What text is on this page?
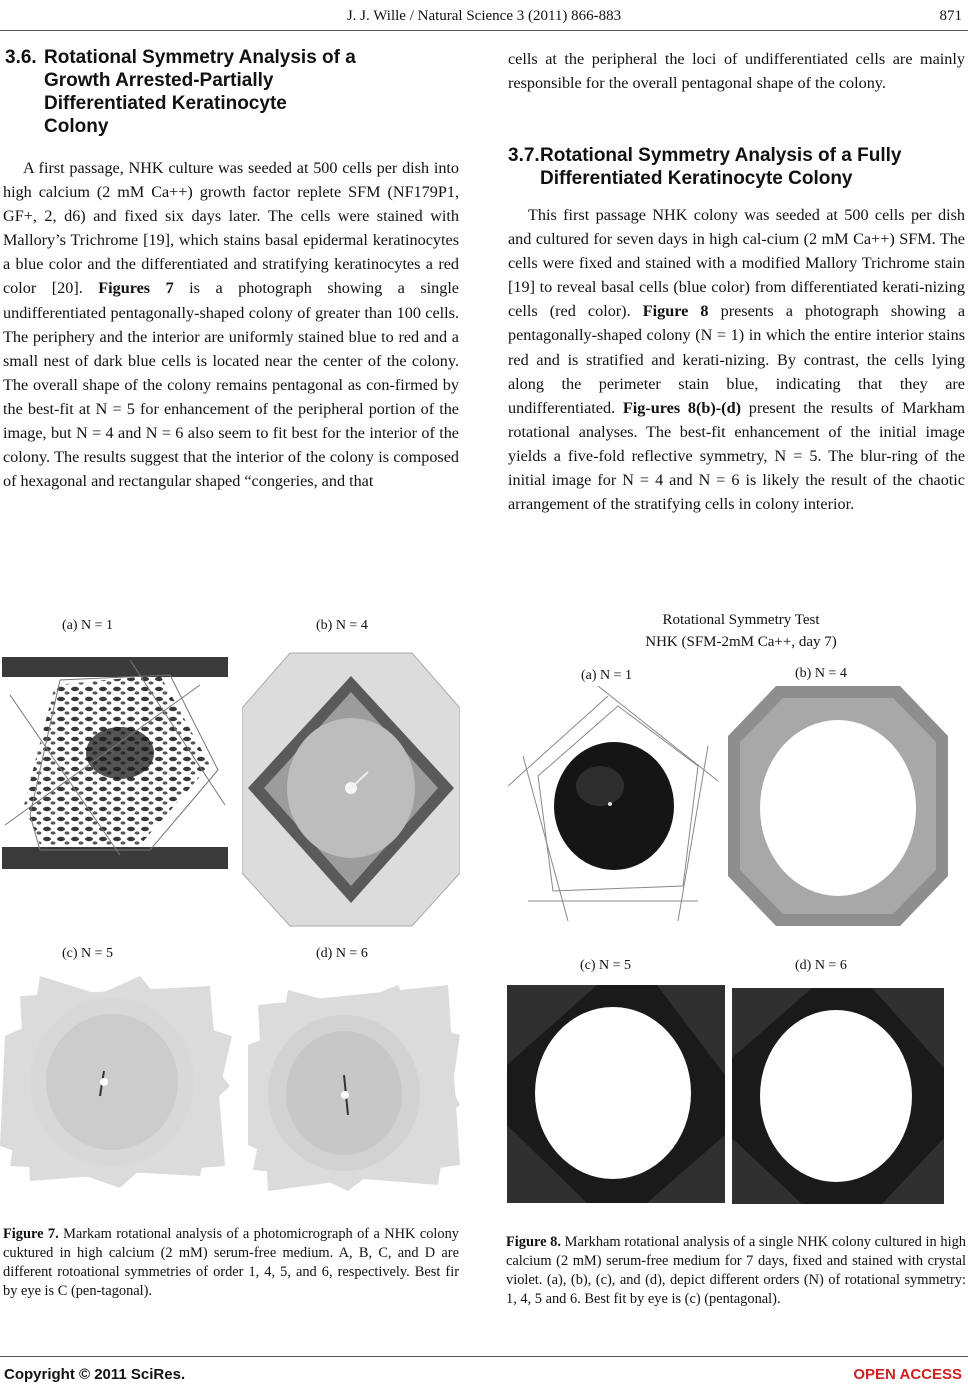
J. J. Wille / Natural Science 3 (2011) 866-883	871
3.6. Rotational Symmetry Analysis of a
Growth Arrested-Partially
Differentiated Keratinocyte
Colony

A first passage, NHK culture was seeded at 500 cells per dish into high calcium (2 mM Ca++) growth factor replete SFM (NF179P1, GF+, 2, d6) and fixed six days later. The cells were stained with Mallory’s Trichrome [19], which stains basal epidermal keratinocytes a blue color and the differentiated and stratifying keratinocytes a red color [20]. Figures 7 is a photograph showing a single undifferentiated pentagonally-shaped colony of greater than 100 cells. The periphery and the interior are uniformly stained blue to red and a small nest of dark blue cells is located near the center of the colony. The overall shape of the colony remains pentagonal as con-firmed by the best-fit at N = 5 for enhancement of the peripheral portion of the image, but N = 4 and N = 6 also seem to fit best for the interior of the colony. The results suggest that the interior of the colony is composed of hexagonal and rectangular shaped “congeries, and that

cells at the peripheral the loci of undifferentiated cells are mainly responsible for the overall pentagonal shape of the colony.

3.7.Rotational Symmetry Analysis of a Fully
Differentiated Keratinocyte Colony

This first passage NHK colony was seeded at 500 cells per dish and cultured for seven days in high cal-cium (2 mM Ca++) SFM. The cells were fixed and stained with a modified Mallory Trichrome stain [19] to reveal basal cells (blue color) from differentiated kerati-nizing cells (red color). Figure 8 presents a photograph showing a pentagonally-shaped colony (N = 1) in which the entire interior stains red and is stratified and kerati-nizing. By contrast, the cells lying along the perimeter stain blue, indicating that they are undifferentiated. Fig-ures 8(b)-(d) present the results of Markham rotational analyses. The best-fit enhancement of the initial image yields a five-fold reflective symmetry, N = 5. The blur-ring of the initial image for N = 4 and N = 6 is likely the result of the chaotic arrangement of the stratifying cells in colony interior.

(a) N = 1	(b) N = 4
(c) N = 5	(d) N = 6
Figure 7. Markam rotational analysis of a photomicrograph of a NHK colony cuktured in high calcium (2 mM) serum-free medium. A, B, C, and D are different rotoational symmetries of order 1, 4, 5, and 6, respectively. Best fir by eye is C (pen-tagonal).
Rotational Symmetry Test
NHK (SFM-2mM Ca++, day 7)
(a) N = 1	(b) N = 4
(c) N = 5	(d) N = 6
Figure 8. Markham rotational analysis of a single NHK colony cultured in high calcium (2 mM) serum-free medium for 7 days, fixed and stained with crystal violet. (a), (b), (c), and (d), depict different orders (N) of rotational symmetry: 1, 4, 5 and 6. Best fit by eye is (c) (pentagonal).
Copyright © 2011 SciRes.	OPEN ACCESS
